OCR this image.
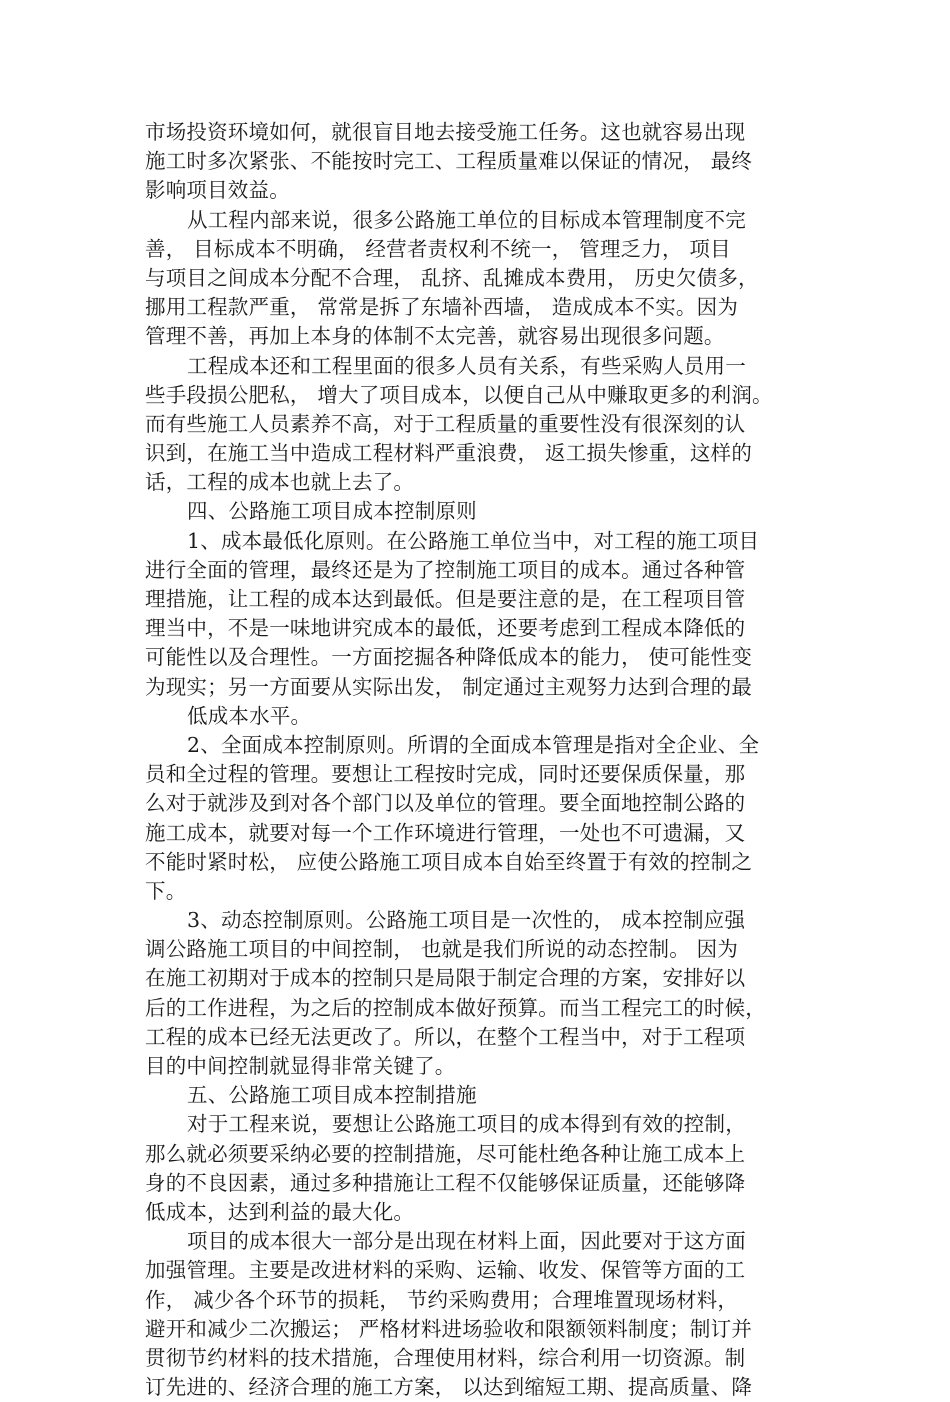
市场投资环境如何，就很盲目地去接受施工任务。这也就容易出现
施工时多次紧张、不能按时完工、工程质量难以保证的情况， 最终
影响项目效益。
从工程内部来说，很多公路施工单位的目标成本管理制度不完
善， 目标成本不明确， 经营者责权利不统一， 管理乏力， 项目
与项目之间成本分配不合理， 乱挤、乱摊成本费用， 历史欠债多，
挪用工程款严重， 常常是拆了东墙补西墙， 造成成本不实。因为
管理不善，再加上本身的体制不太完善，就容易出现很多问题。
工程成本还和工程里面的很多人员有关系，有些采购人员用一
些手段损公肥私， 增大了项目成本，以便自己从中赚取更多的利润。
而有些施工人员素养不高，对于工程质量的重要性没有很深刻的认
识到，在施工当中造成工程材料严重浪费， 返工损失惨重，这样的
话，工程的成本也就上去了。
四、公路施工项目成本控制原则
1、成本最低化原则。在公路施工单位当中，对工程的施工项目
进行全面的管理，最终还是为了控制施工项目的成本。通过各种管
理措施，让工程的成本达到最低。但是要注意的是，在工程项目管
理当中，不是一味地讲究成本的最低，还要考虑到工程成本降低的
可能性以及合理性。一方面挖掘各种降低成本的能力， 使可能性变
为现实；另一方面要从实际出发， 制定通过主观努力达到合理的最
低成本水平。
2、全面成本控制原则。所谓的全面成本管理是指对全企业、全
员和全过程的管理。要想让工程按时完成，同时还要保质保量，那
么对于就涉及到对各个部门以及单位的管理。要全面地控制公路的
施工成本，就要对每一个工作环境进行管理，一处也不可遗漏，又
不能时紧时松， 应使公路施工项目成本自始至终置于有效的控制之
下。
3、动态控制原则。公路施工项目是一次性的， 成本控制应强
调公路施工项目的中间控制， 也就是我们所说的动态控制。 因为
在施工初期对于成本的控制只是局限于制定合理的方案，安排好以
后的工作进程，为之后的控制成本做好预算。而当工程完工的时候，
工程的成本已经无法更改了。所以，在整个工程当中，对于工程项
目的中间控制就显得非常关键了。
五、公路施工项目成本控制措施
对于工程来说，要想让公路施工项目的成本得到有效的控制，
那么就必须要采纳必要的控制措施，尽可能杜绝各种让施工成本上
身的不良因素，通过多种措施让工程不仅能够保证质量，还能够降
低成本，达到利益的最大化。
项目的成本很大一部分是出现在材料上面，因此要对于这方面
加强管理。主要是改进材料的采购、运输、收发、保管等方面的工
作， 减少各个环节的损耗， 节约采购费用；合理堆置现场材料，
避开和减少二次搬运； 严格材料进场验收和限额领料制度；制订并
贯彻节约材料的技术措施，合理使用材料，综合利用一切资源。制
订先进的、经济合理的施工方案， 以达到缩短工期、提高质量、降
